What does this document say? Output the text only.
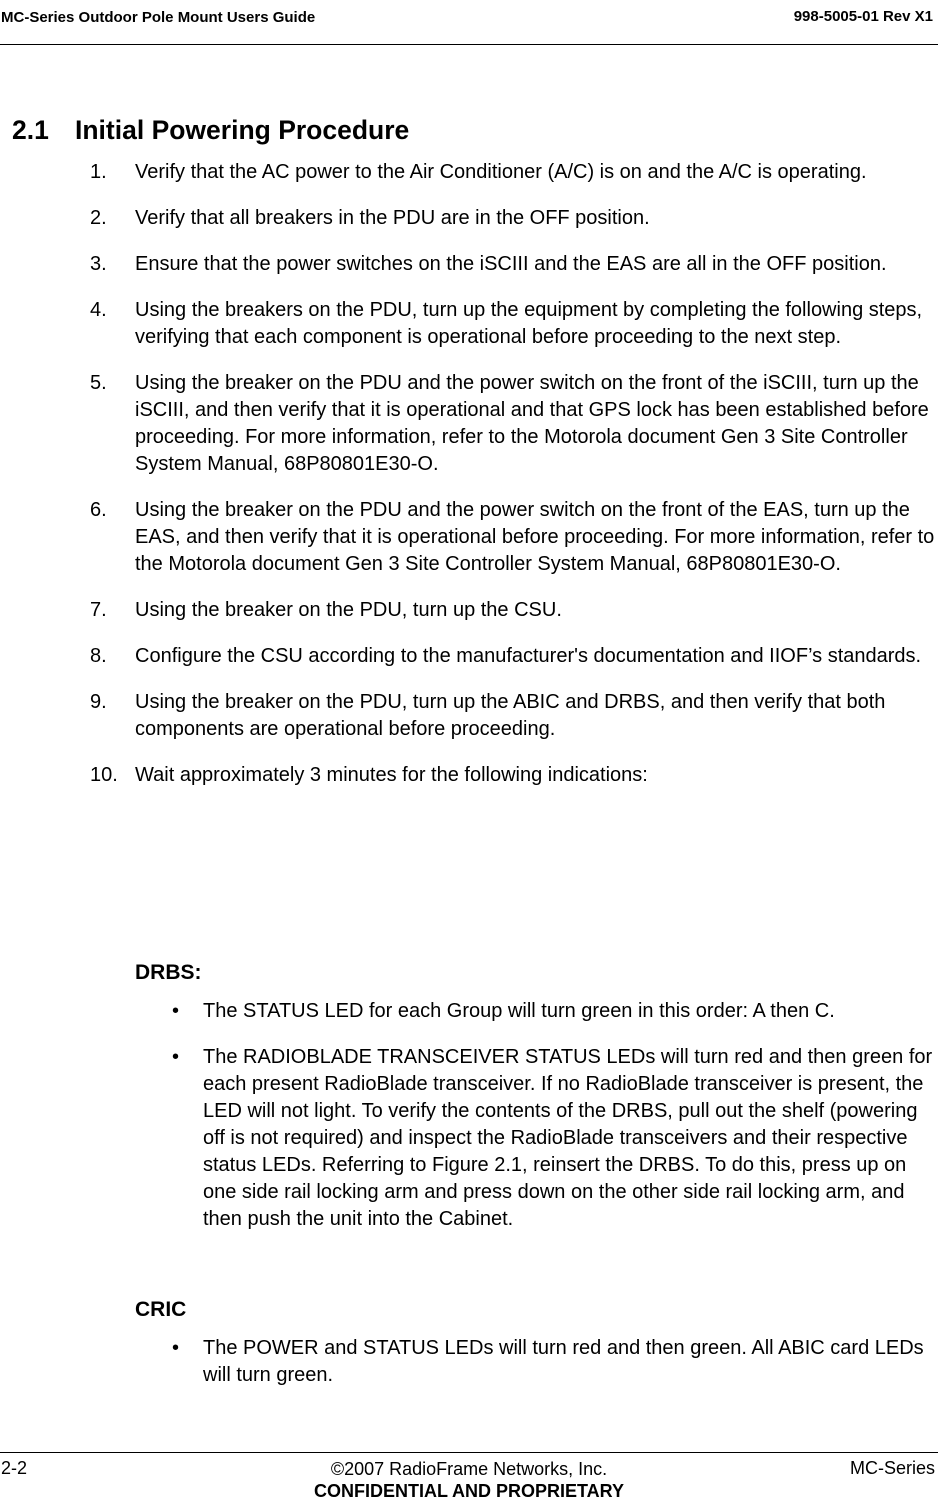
MC-Series Outdoor Pole Mount Users Guide	998-5005-01 Rev X1
2.1 Initial Powering Procedure
1. Verify that the AC power to the Air Conditioner (A/C) is on and the A/C is operating.
2. Verify that all breakers in the PDU are in the OFF position.
3. Ensure that the power switches on the iSCIII and the EAS are all in the OFF position.
4. Using the breakers on the PDU, turn up the equipment by completing the following steps, verifying that each component is operational before proceeding to the next step.
5. Using the breaker on the PDU and the power switch on the front of the iSCIII, turn up the iSCIII, and then verify that it is operational and that GPS lock has been established before proceeding. For more information, refer to the Motorola document Gen 3 Site Controller System Manual, 68P80801E30-O.
6. Using the breaker on the PDU and the power switch on the front of the EAS, turn up the EAS, and then verify that it is operational before proceeding. For more information, refer to the Motorola document Gen 3 Site Controller System Manual, 68P80801E30-O.
7. Using the breaker on the PDU, turn up the CSU.
8. Configure the CSU according to the manufacturer's documentation and IIOF’s standards.
9. Using the breaker on the PDU, turn up the ABIC and DRBS, and then verify that both components are operational before proceeding.
10. Wait approximately 3 minutes for the following indications:
DRBS:
• The STATUS LED for each Group will turn green in this order: A then C.
• The RADIOBLADE TRANSCEIVER STATUS LEDs will turn red and then green for each present RadioBlade transceiver. If no RadioBlade transceiver is present, the LED will not light. To verify the contents of the DRBS, pull out the shelf (powering off is not required) and inspect the RadioBlade transceivers and their respective status LEDs. Referring to Figure 2.1, reinsert the DRBS. To do this, press up on one side rail locking arm and press down on the other side rail locking arm, and then push the unit into the Cabinet.
CRIC
• The POWER and STATUS LEDs will turn red and then green. All ABIC card LEDs will turn green.
2-2	©2007 RadioFrame Networks, Inc.
CONFIDENTIAL AND PROPRIETARY
MC-Series
